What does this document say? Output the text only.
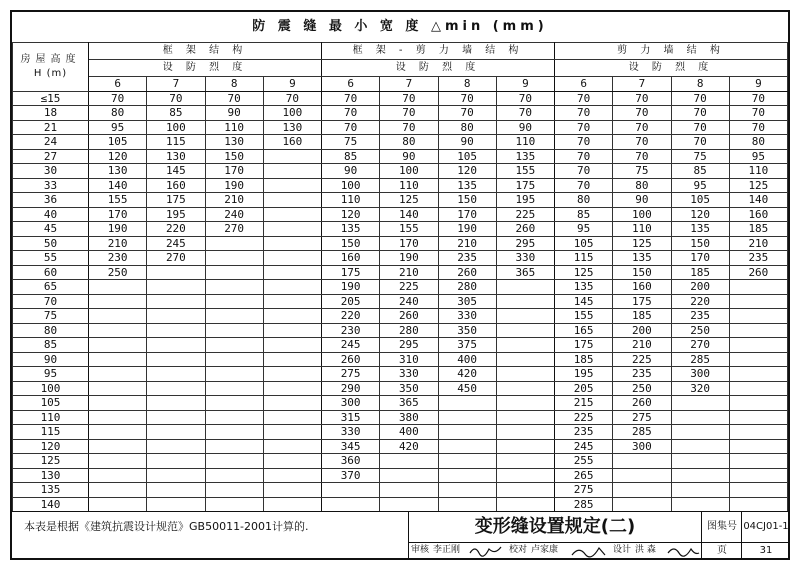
防 震 缝 最 小 宽 度 △min (mm)
房屋高度
H (m)	框 架 结 构				框 架 - 剪 力 墙 结 构				剪 力 墙 结 构			
	设 防 烈 度				设 防 烈 度				设 防 烈 度			
	6	7	8	9	6	7	8	9	6	7	8	9
≤15	70	70	70	70	70	70	70	70	70	70	70	70
18	80	85	90	100	70	70	70	70	70	70	70	70
21	95	100	110	130	70	70	80	90	70	70	70	70
24	105	115	130	160	75	80	90	110	70	70	70	80
27	120	130	150		85	90	105	135	70	70	75	95
30	130	145	170		90	100	120	155	70	75	85	110
33	140	160	190		100	110	135	175	70	80	95	125
36	155	175	210		110	125	150	195	80	90	105	140
40	170	195	240		120	140	170	225	85	100	120	160
45	190	220	270		135	155	190	260	95	110	135	185
50	210	245			150	170	210	295	105	125	150	210
55	230	270			160	190	235	330	115	135	170	235
60	250				175	210	260	365	125	150	185	260
65					190	225	280		135	160	200	
70					205	240	305		145	175	220	
75					220	260	330		155	185	235	
80					230	280	350		165	200	250	
85					245	295	375		175	210	270	
90					260	310	400		185	225	285	
95					275	330	420		195	235	300	
100					290	350	450		205	250	320	
105					300	365			215	260		
110					315	380			225	275		
115					330	400			235	285		
120					345	420			245	300		
125					360				255			
130					370				265			
135									275			
140									285			
本表是根据《建筑抗震设计规范》GB50011-2001计算的.	变形缝设置规定(二)	图集号 04CJ01-1
页	31
审核 李正刚	校对 卢家康	设计 洪 森
